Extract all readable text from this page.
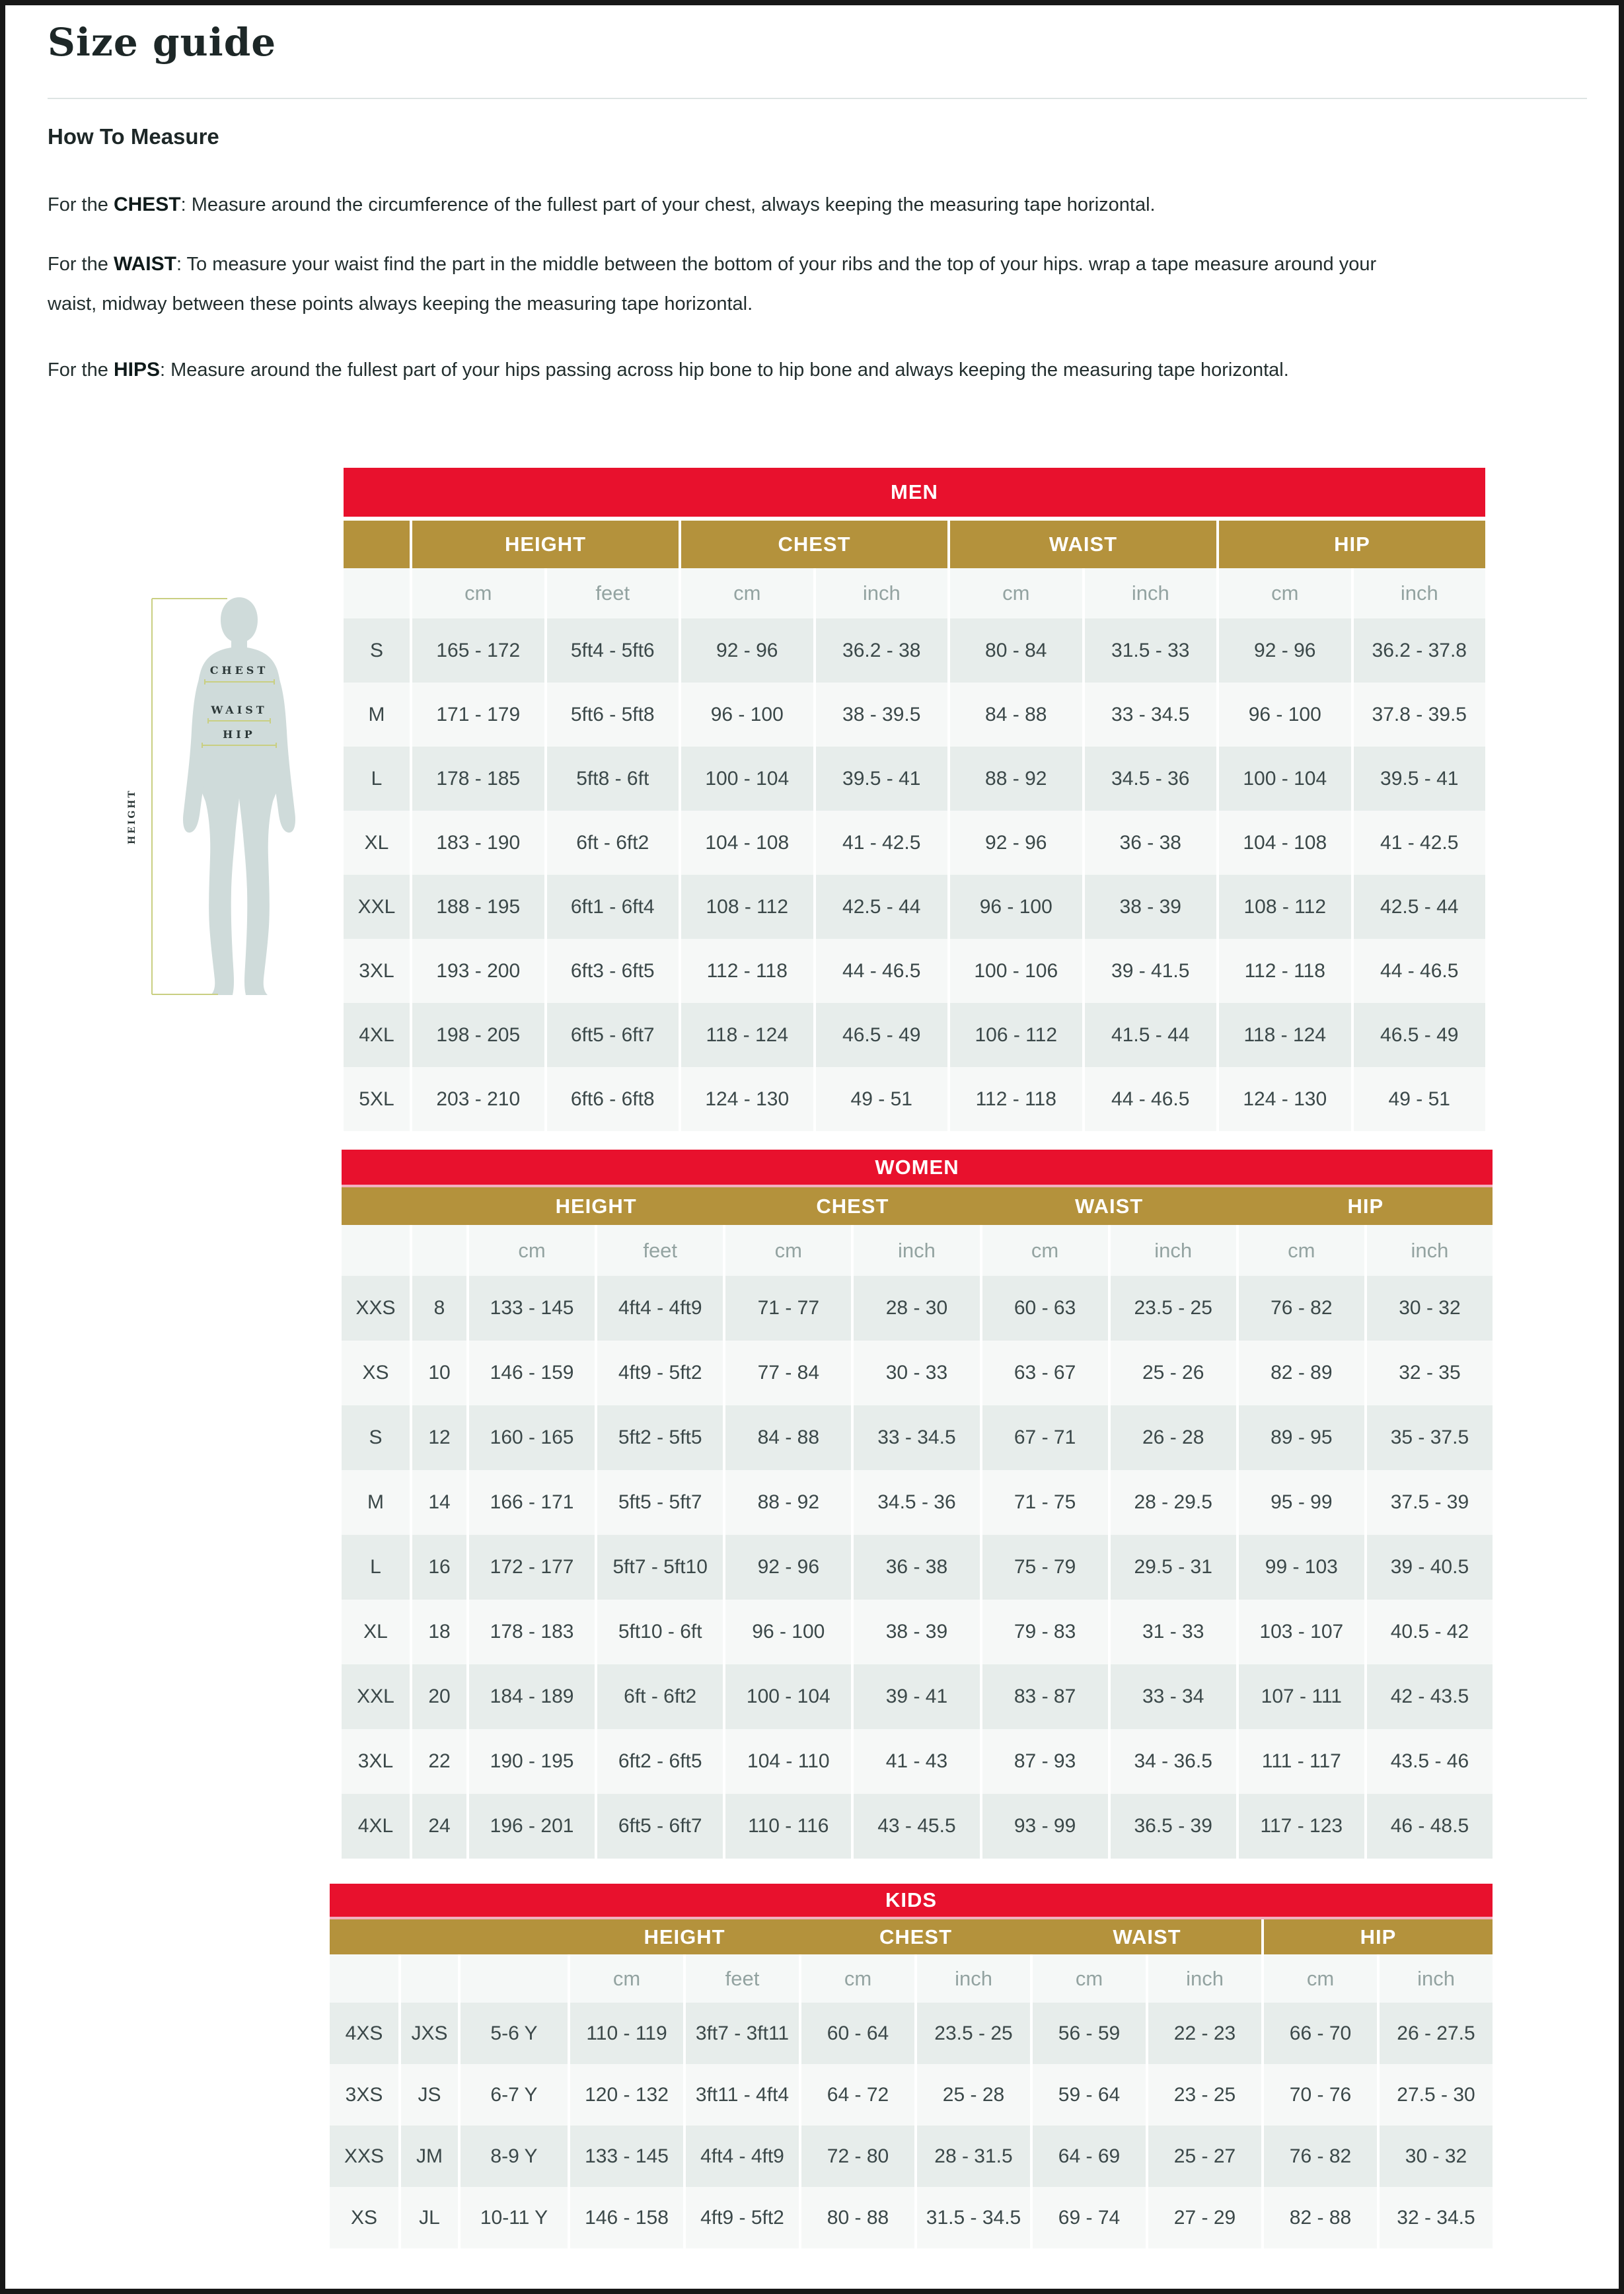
Size guide
How To Measure

For the CHEST: Measure around the circumference of the fullest part of your chest, always keeping the measuring tape horizontal.

For the WAIST: To measure your waist find the part in the middle between the bottom of your ribs and the top of your hips. wrap a tape measure around your waist, midway between these points always keeping the measuring tape horizontal.

For the HIPS: Measure around the fullest part of your hips passing across hip bone to hip bone and always keeping the measuring tape horizontal.

CHEST
WAIST
HIP
HEIGHT
MEN
HEIGHT	CHEST	WAIST	HIP
cm	feet	cm	inch	cm	inch	cm	inch
S	165 - 172	5ft4 - 5ft6	92 - 96	36.2 - 38	80 - 84	31.5 - 33	92 - 96	36.2 - 37.8
M	171 - 179	5ft6 - 5ft8	96 - 100	38 - 39.5	84 - 88	33 - 34.5	96 - 100	37.8 - 39.5
L	178 - 185	5ft8 - 6ft	100 - 104	39.5 - 41	88 - 92	34.5 - 36	100 - 104	39.5 - 41
XL	183 - 190	6ft - 6ft2	104 - 108	41 - 42.5	92 - 96	36 - 38	104 - 108	41 - 42.5
XXL	188 - 195	6ft1 - 6ft4	108 - 112	42.5 - 44	96 - 100	38 - 39	108 - 112	42.5 - 44
3XL	193 - 200	6ft3 - 6ft5	112 - 118	44 - 46.5	100 - 106	39 - 41.5	112 - 118	44 - 46.5
4XL	198 - 205	6ft5 - 6ft7	118 - 124	46.5 - 49	106 - 112	41.5 - 44	118 - 124	46.5 - 49
5XL	203 - 210	6ft6 - 6ft8	124 - 130	49 - 51	112 - 118	44 - 46.5	124 - 130	49 - 51
WOMEN
HEIGHT	CHEST	WAIST	HIP
cm	feet	cm	inch	cm	inch	cm	inch
XXS	8	133 - 145	4ft4 - 4ft9	71 - 77	28 - 30	60 - 63	23.5 - 25	76 - 82	30 - 32
XS	10	146 - 159	4ft9 - 5ft2	77 - 84	30 - 33	63 - 67	25 - 26	82 - 89	32 - 35
S	12	160 - 165	5ft2 - 5ft5	84 - 88	33 - 34.5	67 - 71	26 - 28	89 - 95	35 - 37.5
M	14	166 - 171	5ft5 - 5ft7	88 - 92	34.5 - 36	71 - 75	28 - 29.5	95 - 99	37.5 - 39
L	16	172 - 177	5ft7 - 5ft10	92 - 96	36 - 38	75 - 79	29.5 - 31	99 - 103	39 - 40.5
XL	18	178 - 183	5ft10 - 6ft	96 - 100	38 - 39	79 - 83	31 - 33	103 - 107	40.5 - 42
XXL	20	184 - 189	6ft - 6ft2	100 - 104	39 - 41	83 - 87	33 - 34	107 - 111	42 - 43.5
3XL	22	190 - 195	6ft2 - 6ft5	104 - 110	41 - 43	87 - 93	34 - 36.5	111 - 117	43.5 - 46
4XL	24	196 - 201	6ft5 - 6ft7	110 - 116	43 - 45.5	93 - 99	36.5 - 39	117 - 123	46 - 48.5
KIDS
HEIGHT	CHEST	WAIST	HIP
cm	feet	cm	inch	cm	inch	cm	inch
4XS	JXS	5-6 Y	110 - 119	3ft7 - 3ft11	60 - 64	23.5 - 25	56 - 59	22 - 23	66 - 70	26 - 27.5
3XS	JS	6-7 Y	120 - 132	3ft11 - 4ft4	64 - 72	25 - 28	59 - 64	23 - 25	70 - 76	27.5 - 30
XXS	JM	8-9 Y	133 - 145	4ft4 - 4ft9	72 - 80	28 - 31.5	64 - 69	25 - 27	76 - 82	30 - 32
XS	JL	10-11 Y	146 - 158	4ft9 - 5ft2	80 - 88	31.5 - 34.5	69 - 74	27 - 29	82 - 88	32 - 34.5
